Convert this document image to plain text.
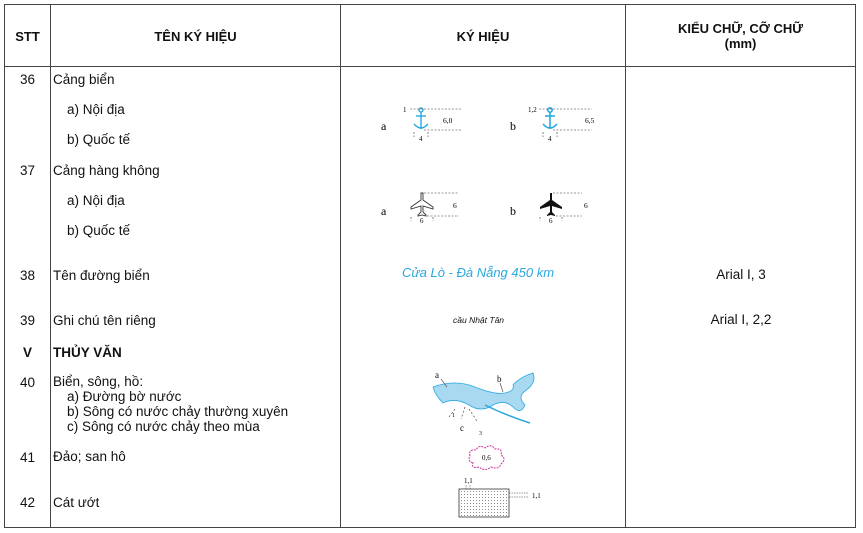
STT	TÊN KÝ HIỆU	KÝ HIỆU	KIỂU CHỮ, CỠ CHỮ
(mm)
36	Cảng biển
a) Nội địa
b) Quốc tế
37	Cảng hàng không
a) Nội địa
b) Quốc tế
38	Tên đường biển	Cửa Lò - Đà Nẵng 450 km	Arial I, 3
39	Ghi chú tên riêng	cầu Nhật Tân	Arial I, 2,2
V	THỦY VĂN
40	Biển, sông, hồ:
a) Đường bờ nước
b) Sông có nước chảy thường xuyên
c) Sông có nước chảy theo mùa
41	Đảo; san hô
42	Cát ướt
a
1
6,0
4
b
1,2
6,5
4
a	6
6
b	6
6
a	b
c
1
3
0,6
1,1
1,1
